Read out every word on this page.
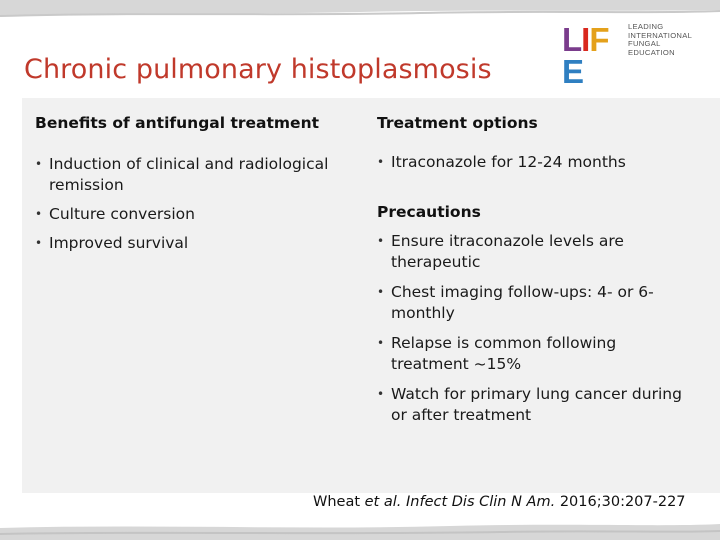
Chronic pulmonary histoplasmosis
LIFE
LEADING
INTERNATIONAL
FUNGAL
EDUCATION
Benefits of antifungal treatment
• Induction of clinical and radiological remission
• Culture conversion
• Improved survival
Treatment options
• Itraconazole for 12-24 months
Precautions
• Ensure itraconazole levels are therapeutic
• Chest imaging follow-ups: 4- or 6-monthly
• Relapse is common following treatment ~15%
• Watch for primary lung cancer during or after treatment
Wheat et al. Infect Dis Clin N Am. 2016;30:207-227
